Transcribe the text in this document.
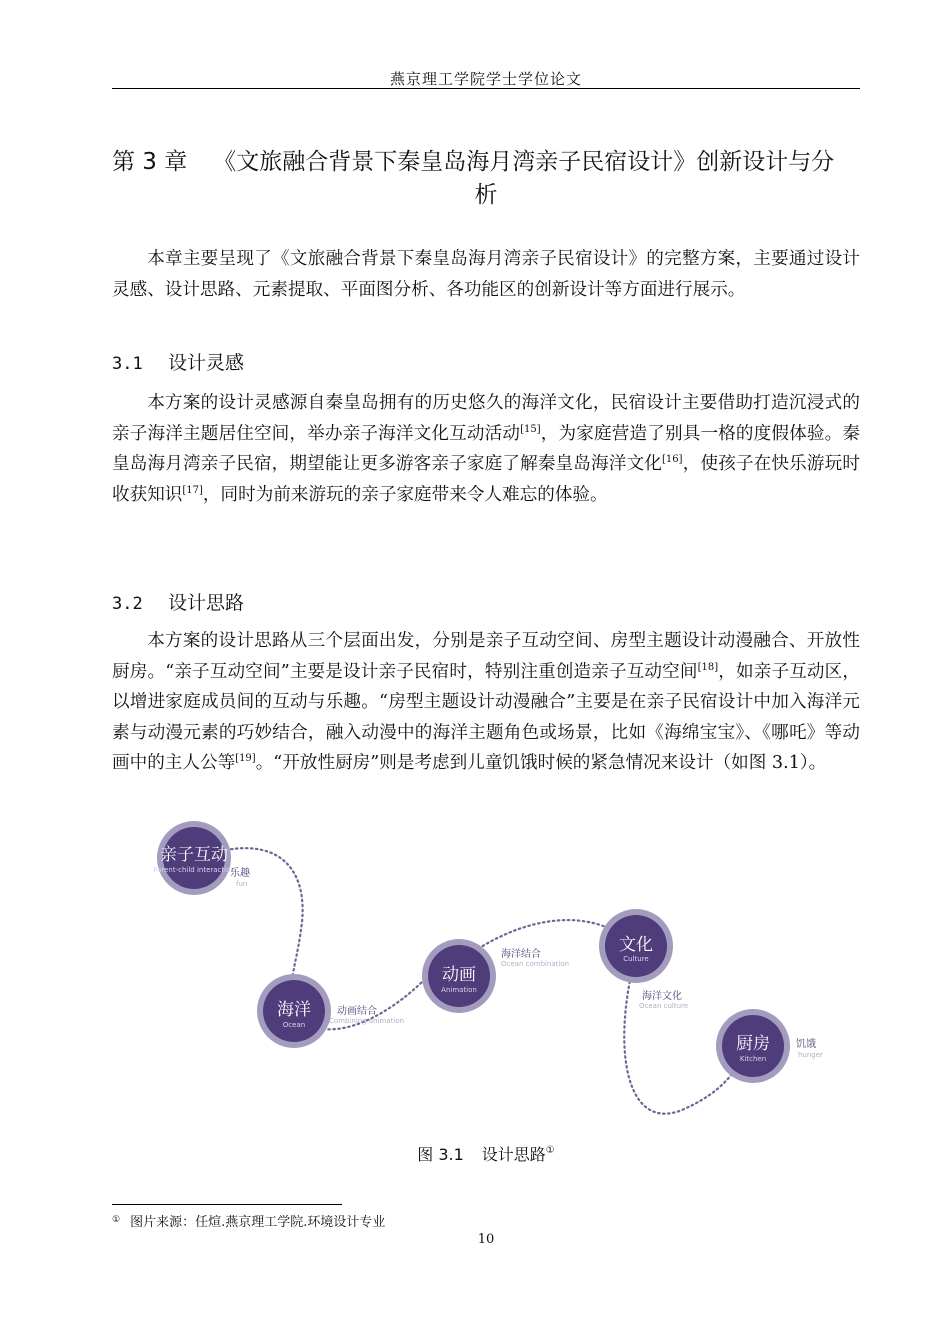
燕京理工学院学士学位论文
第 3 章 《文旅融合背景下秦皇岛海月湾亲子民宿设计》创新设计与分
析

本章主要呈现了《文旅融合背景下秦皇岛海月湾亲子民宿设计》的完整方案，主要通过设计灵感、设计思路、元素提取、平面图分析、各功能区的创新设计等方面进行展示。

3.1 设计灵感

本方案的设计灵感源自秦皇岛拥有的历史悠久的海洋文化，民宿设计主要借助打造沉浸式的亲子海洋主题居住空间，举办亲子海洋文化互动活动[15]，为家庭营造了别具一格的度假体验。秦皇岛海月湾亲子民宿，期望能让更多游客亲子家庭了解秦皇岛海洋文化[16]，使孩子在快乐游玩时收获知识[17]，同时为前来游玩的亲子家庭带来令人难忘的体验。

3.2 设计思路

本方案的设计思路从三个层面出发，分别是亲子互动空间、房型主题设计动漫融合、开放性厨房。“亲子互动空间”主要是设计亲子民宿时，特别注重创造亲子互动空间[18]，如亲子互动区，以增进家庭成员间的互动与乐趣。“房型主题设计动漫融合”主要是在亲子民宿设计中加入海洋元素与动漫元素的巧妙结合，融入动漫中的海洋主题角色或场景，比如《海绵宝宝》、《哪吒》等动画中的主人公等[19]。“开放性厨房”则是考虑到儿童饥饿时候的紧急情况来设计（如图 3.1）。

亲子互动
Parent-child interaction
海洋
Ocean
动画
Animation
文化
Culture
厨房
Kitchen
乐趣
fun
动画结合
Combining animation
海洋结合
Ocean combination
海洋文化
Ocean culture
饥饿
hunger
图 3.1 设计思路①
① 图片来源：任煊.燕京理工学院.环境设计专业
10
